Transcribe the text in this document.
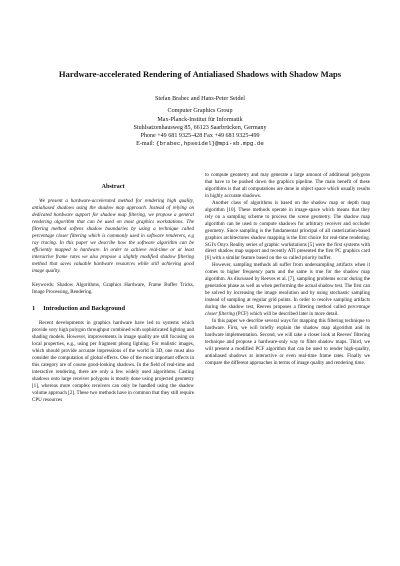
Hardware-accelerated Rendering of Antialiased Shadows with Shadow Maps
Stefan Brabec and Hans-Peter Seidel
Computer Graphics Group
Max-Planck-Institut für Informatik
Stuhlsatzenhausweg 85, 66123 Saarbrücken, Germany
Phone +49 681 9325-428 Fax +49 681 9325-499
E-mail: {brabec,hpseidel}@mpi-sb.mpg.de
Abstract

We present a hardware-accelerated method for rendering high quality, antialiased shadows using the shadow map approach. Instead of relying on dedicated hardware support for shadow map filtering, we propose a general rendering algorithm that can be used on most graphics workstations. The filtering method softens shadow boundaries by using a technique called percentage closer filtering which is commonly used in software renderers, e.g ray tracing. In this paper we describe how the software algorithm can be efficiently mapped to hardware. In order to achieve real-time or at least interactive frame rates we also propose a slightly modified shadow filtering method that saves valuable hardware resources while still achieving good image quality.

Keywords: Shadow Algorithms, Graphics Hardware, Frame Buffer Tricks, Image Processing, Rendering.

1 Introduction and Background

Recent developments in graphics hardware have led to systems which provide very high polygon throughput combined with sophisticated lighting and shading models. However, improvements in image quality are still focusing on local properties, e.g., using per fragment phong lighting. For realistic images, which should provide accurate impressions of the world in 3D, one must also consider the computation of global effects. One of the most important effects in this category are of course good-looking shadows. In the field of real-time and interactive rendering, there are only a few widely used algorithms. Casting shadows onto large receiver polygons is mostly done using projected geometry [1], whereas more complex receivers can only be handled using the shadow volume approach [2]. These two methods have in common that they still require CPU resources

to compute geometry and may generate a large amount of additional polygons that have to be pushed down the graphics pipeline. The main benefit of these algorithms is that all computations are done in object space which usually results in highly accurate shadows.

Another class of algorithms is based on the shadow map or depth map algorithm [10]. These methods operate in image-space which means that they rely on a sampling scheme to process the scene geometry. The shadow map algorithm can be used to compute shadows for arbitrary receiver and occluder geometry. Since sampling is the fundamental principal of all rasterization-based graphics architectures shadow mapping is the first choice for real-time rendering. SGI's Onyx Reality series of graphic workstations [5] were the first systems with direct shadow map support and recently ATI presented the first PC graphics card [6] with a similar feature based on the so called priority buffer.

However, sampling methods all suffer from undersampling artifacts when it comes to higher frequency parts and the same is true for the shadow map algorithm. As discussed by Reeves et al. [7], sampling problems occur during the generation phase as well as when performing the actual shadow test. The first can be solved by increasing the image resolution and by using stochastic sampling instead of sampling at regular grid points. In order to resolve sampling artifacts during the shadow test, Reeves proposes a filtering method called percentage closer filtering (PCF) which will be described later in more detail.

In this paper we describe several ways for mapping this filtering technique to hardware. First, we will briefly explain the shadow map algorithm and its hardware implementation. Second, we will take a closer look at Reeves' filtering technique and propose a hardware-only way to filter shadow maps. Third, we will present a modified PCF algorithm that can be used to render high-quality, antialiased shadows at interactive or even real-time frame rates. Finally we compare the different approaches in terms of image quality and rendering time.
